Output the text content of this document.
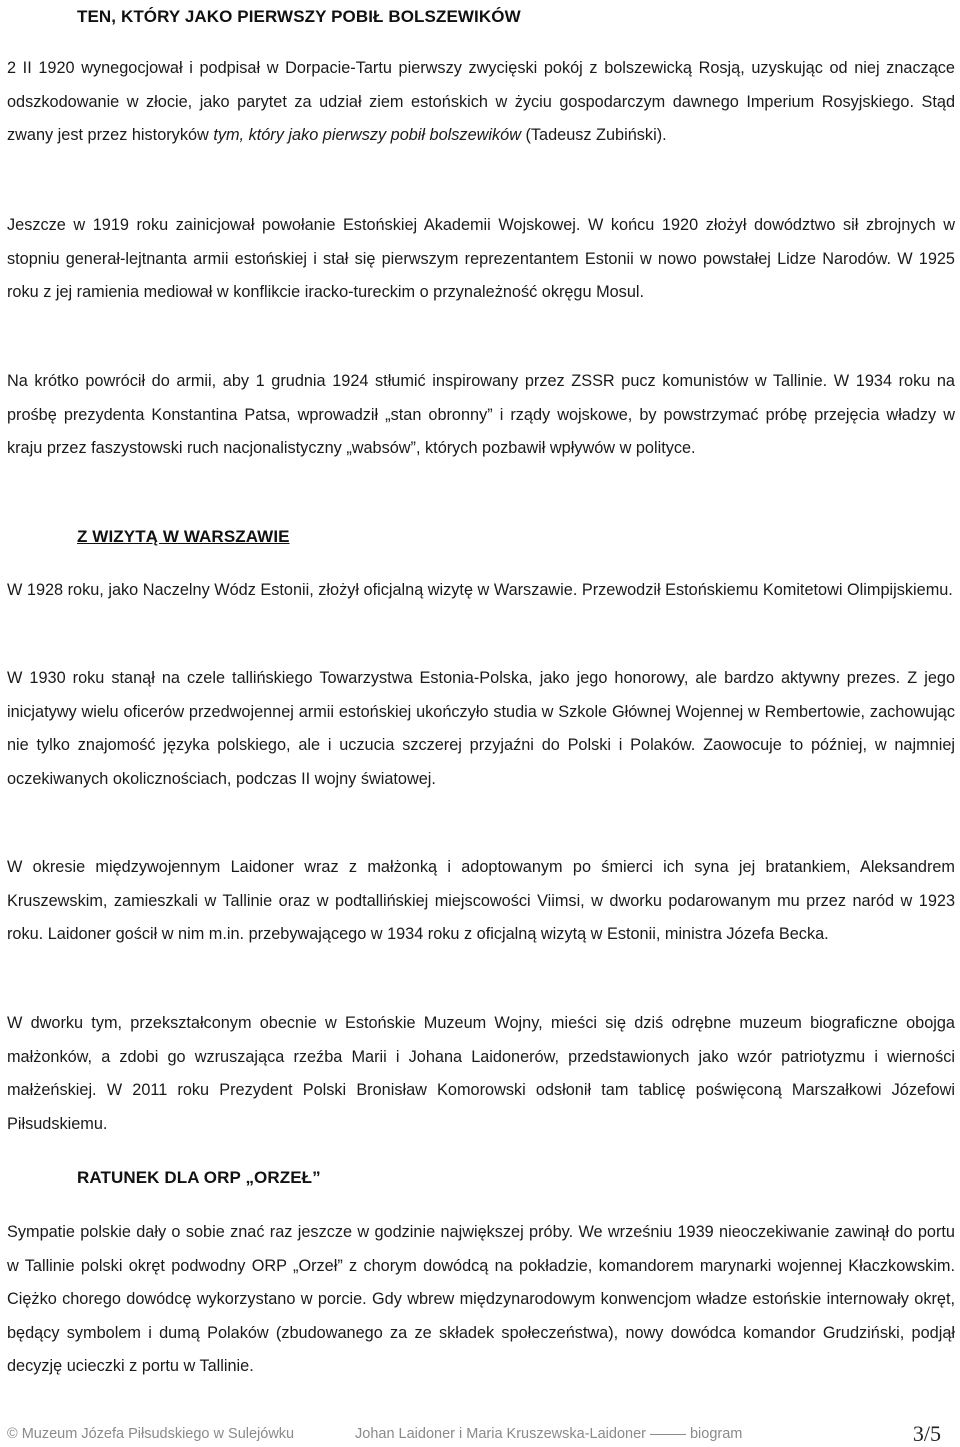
TEN, KTÓRY JAKO PIERWSZY POBIŁ BOLSZEWIKÓW

2 II 1920 wynegocjował i podpisał w Dorpacie-Tartu pierwszy zwycięski pokój z bolszewicką Rosją, uzyskując od niej znaczące odszkodowanie w złocie, jako parytet za udział ziem estońskich w życiu gospodarczym dawnego Imperium Rosyjskiego. Stąd zwany jest przez historyków tym, który jako pierwszy pobił bolszewików (Tadeusz Zubiński).

Jeszcze w 1919 roku zainicjował powołanie Estońskiej Akademii Wojskowej. W końcu 1920 złożył dowództwo sił zbrojnych w stopniu generał-lejtnanta armii estońskiej i stał się pierwszym reprezentantem Estonii w nowo powstałej Lidze Narodów. W 1925 roku z jej ramienia mediował w konflikcie iracko-tureckim o przynależność okręgu Mosul.

Na krótko powrócił do armii, aby 1 grudnia 1924 stłumić inspirowany przez ZSSR pucz komunistów w Tallinie. W 1934 roku na prośbę prezydenta Konstantina Patsa, wprowadził „stan obronny” i rządy wojskowe, by powstrzymać próbę przejęcia władzy w kraju przez faszystowski ruch nacjonalistyczny „wabsów”, których pozbawił wpływów w polityce.

Z WIZYTĄ W WARSZAWIE

W 1928 roku, jako Naczelny Wódz Estonii, złożył oficjalną wizytę w Warszawie. Przewodził Estońskiemu Komitetowi Olimpijskiemu.

W 1930 roku stanął na czele tallińskiego Towarzystwa Estonia-Polska, jako jego honorowy, ale bardzo aktywny prezes. Z jego inicjatywy wielu oficerów przedwojennej armii estońskiej ukończyło studia w Szkole Głównej Wojennej w Rembertowie, zachowując nie tylko znajomość języka polskiego, ale i uczucia szczerej przyjaźni do Polski i Polaków. Zaowocuje to później, w najmniej oczekiwanych okolicznościach, podczas II wojny światowej.

W okresie międzywojennym Laidoner wraz z małżonką i adoptowanym po śmierci ich syna jej bratankiem, Aleksandrem Kruszewskim, zamieszkali w Tallinie oraz w podtallińskiej miejscowości Viimsi, w dworku podarowanym mu przez naród w 1923 roku. Laidoner gościł w nim m.in. przebywającego w 1934 roku z oficjalną wizytą w Estonii, ministra Józefa Becka.

W dworku tym, przekształconym obecnie w Estońskie Muzeum Wojny, mieści się dziś odrębne muzeum biograficzne obojga małżonków, a zdobi go wzruszająca rzeźba Marii i Johana Laidonerów, przedstawionych jako wzór patriotyzmu i wierności małżeńskiej. W 2011 roku Prezydent Polski Bronisław Komorowski odsłonił tam tablicę poświęconą Marszałkowi Józefowi Piłsudskiemu.

RATUNEK DLA ORP „ORZEŁ”

Sympatie polskie dały o sobie znać raz jeszcze w godzinie największej próby. We wrześniu 1939 nieoczekiwanie zawinął do portu w Tallinie polski okręt podwodny ORP „Orzeł” z chorym dowódcą na pokładzie, komandorem marynarki wojennej Kłaczkowskim. Ciężko chorego dowódcę wykorzystano w porcie. Gdy wbrew międzynarodowym konwencjom władze estońskie internowały okręt, będący symbolem i dumą Polaków (zbudowanego za ze składek społeczeństwa), nowy dowódca komandor Grudziński, podjął decyzję ucieczki z portu w Tallinie.

© Muzeum Józefa Piłsudskiego w Sulejówku	Johan Laidoner i Maria Kruszewska-Laidoner	biogram	3/5
